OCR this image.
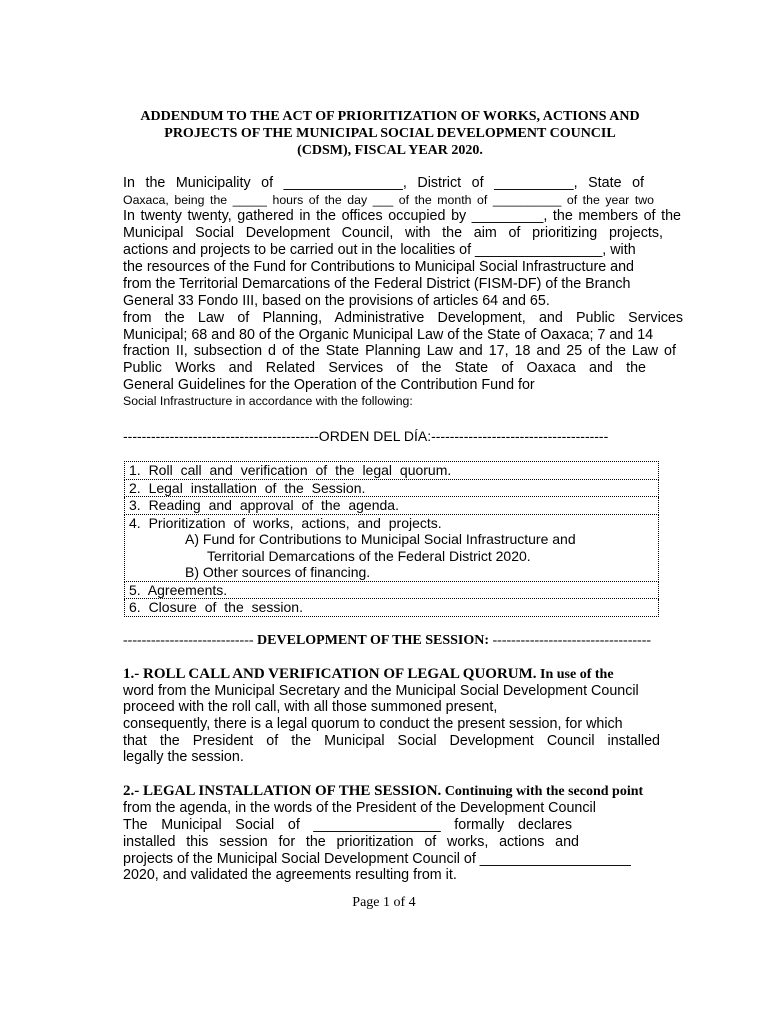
ADDENDUM TO THE ACT OF PRIORITIZATION OF WORKS, ACTIONS AND
PROJECTS OF THE MUNICIPAL SOCIAL DEVELOPMENT COUNCIL
(CDSM), FISCAL YEAR 2020.
In the Municipality of _______________, District of __________, State of
Oaxaca, being the _____ hours of the day ___ of the month of __________ of the year two
In twenty twenty, gathered in the offices occupied by _________, the members of the
Municipal Social Development Council, with the aim of prioritizing projects,
actions and projects to be carried out in the localities of ________________, with
the resources of the Fund for Contributions to Municipal Social Infrastructure and
from the Territorial Demarcations of the Federal District (FISM-DF) of the Branch
General 33 Fondo III, based on the provisions of articles 64 and 65.
from the Law of Planning, Administrative Development, and Public Services
Municipal; 68 and 80 of the Organic Municipal Law of the State of Oaxaca; 7 and 14
fraction II, subsection d of the State Planning Law and 17, 18 and 25 of the Law of
Public Works and Related Services of the State of Oaxaca and the
General Guidelines for the Operation of the Contribution Fund for
Social Infrastructure in accordance with the following:
------------------------------------------ORDEN DEL DÍA:--------------------------------------
1. Roll call and verification of the legal quorum.
2. Legal installation of the Session.
3. Reading and approval of the agenda.

4. Prioritization of works, actions, and projects.
A) Fund for Contributions to Municipal Social Infrastructure and
Territorial Demarcations of the Federal District 2020.
B) Other sources of financing.

5. Agreements.
6. Closure of the session.
---------------------------- DEVELOPMENT OF THE SESSION: ----------------------------------
1.- ROLL CALL AND VERIFICATION OF LEGAL QUORUM. In use of the
word from the Municipal Secretary and the Municipal Social Development Council
proceed with the roll call, with all those summoned present,
consequently, there is a legal quorum to conduct the present session, for which
that the President of the Municipal Social Development Council installed
legally the session.
2.- LEGAL INSTALLATION OF THE SESSION. Continuing with the second point
from the agenda, in the words of the President of the Development Council
The Municipal Social of ________________ formally declares
installed this session for the prioritization of works, actions and
projects of the Municipal Social Development Council of ___________________
2020, and validated the agreements resulting from it.
Page 1 of 4
